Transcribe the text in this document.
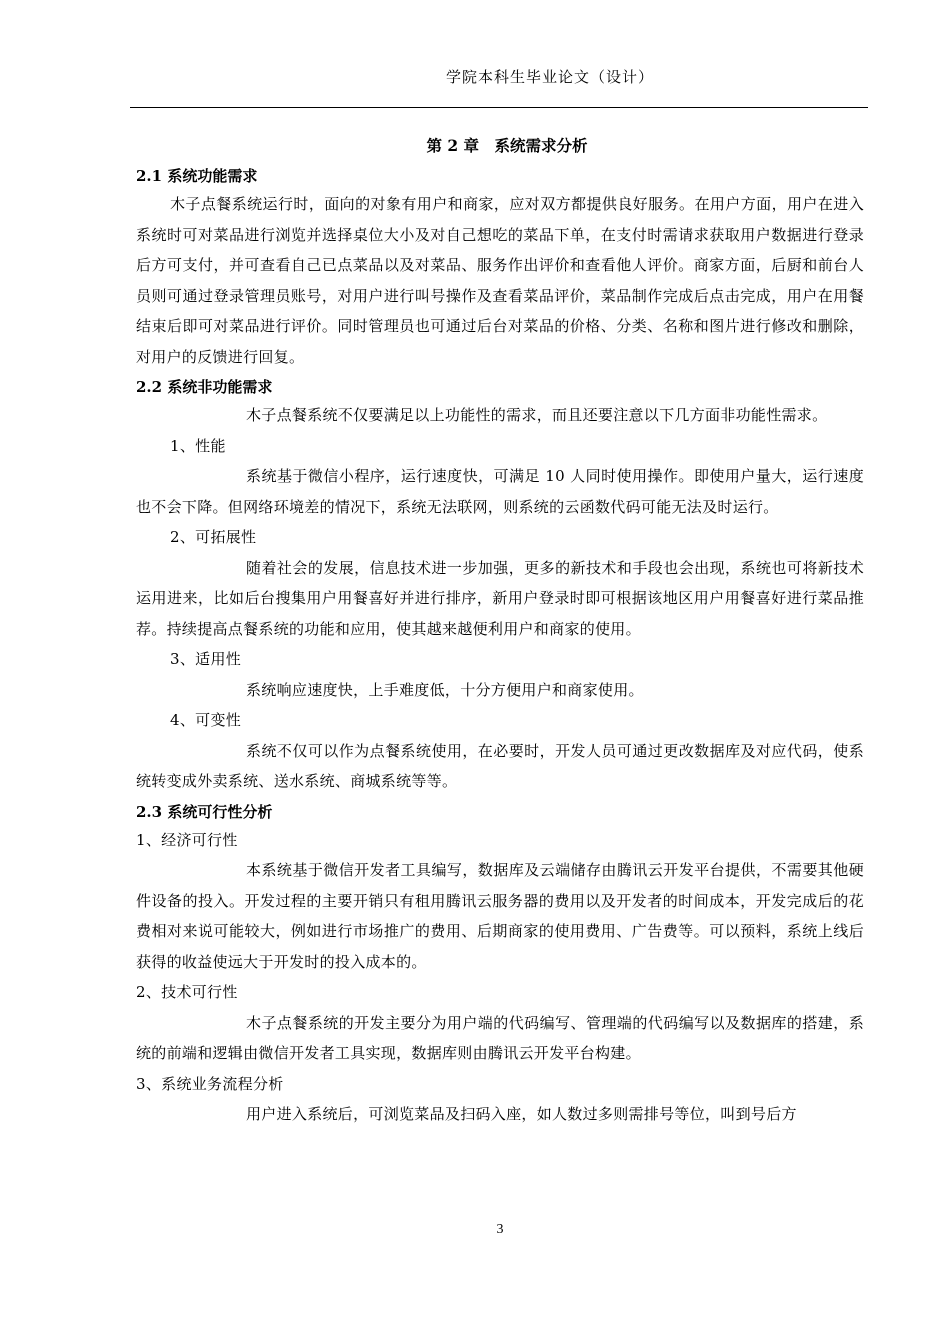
学院本科生毕业论文（设计）
第 2 章　系统需求分析
2.1 系统功能需求

木子点餐系统运行时，面向的对象有用户和商家，应对双方都提供良好服务。在用户方面，用户在进入系统时可对菜品进行浏览并选择桌位大小及对自己想吃的菜品下单，在支付时需请求获取用户数据进行登录后方可支付，并可查看自己已点菜品以及对菜品、服务作出评价和查看他人评价。商家方面，后厨和前台人员则可通过登录管理员账号，对用户进行叫号操作及查看菜品评价，菜品制作完成后点击完成，用户在用餐结束后即可对菜品进行评价。同时管理员也可通过后台对菜品的价格、分类、名称和图片进行修改和删除，对用户的反馈进行回复。

2.2 系统非功能需求

木子点餐系统不仅要满足以上功能性的需求，而且还要注意以下几方面非功能性需求。

1、性能

系统基于微信小程序，运行速度快，可满足 10 人同时使用操作。即使用户量大，运行速度也不会下降。但网络环境差的情况下，系统无法联网，则系统的云函数代码可能无法及时运行。

2、可拓展性

随着社会的发展，信息技术进一步加强，更多的新技术和手段也会出现，系统也可将新技术运用进来，比如后台搜集用户用餐喜好并进行排序，新用户登录时即可根据该地区用户用餐喜好进行菜品推荐。持续提高点餐系统的功能和应用，使其越来越便利用户和商家的使用。

3、适用性

系统响应速度快，上手难度低，十分方便用户和商家使用。

4、可变性

系统不仅可以作为点餐系统使用，在必要时，开发人员可通过更改数据库及对应代码，使系统转变成外卖系统、送水系统、商城系统等等。

2.3 系统可行性分析

1、经济可行性

本系统基于微信开发者工具编写，数据库及云端储存由腾讯云开发平台提供，不需要其他硬件设备的投入。开发过程的主要开销只有租用腾讯云服务器的费用以及开发者的时间成本，开发完成后的花费相对来说可能较大，例如进行市场推广的费用、后期商家的使用费用、广告费等。可以预料，系统上线后获得的收益使远大于开发时的投入成本的。

2、技术可行性

木子点餐系统的开发主要分为用户端的代码编写、管理端的代码编写以及数据库的搭建，系统的前端和逻辑由微信开发者工具实现，数据库则由腾讯云开发平台构建。

3、系统业务流程分析

用户进入系统后，可浏览菜品及扫码入座，如人数过多则需排号等位，叫到号后方

3
